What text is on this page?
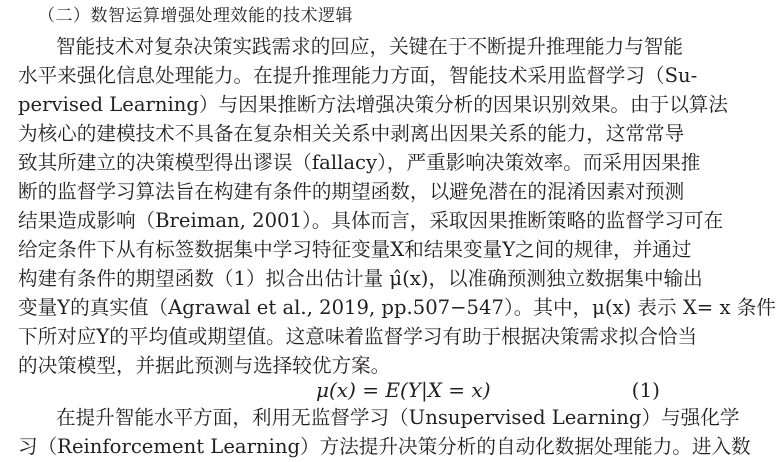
（二）数智运算增强处理效能的技术逻辑
智能技术对复杂决策实践需求的回应，关键在于不断提升推理能力与智能
水平来强化信息处理能力。在提升推理能力方面，智能技术采用监督学习（Su-
pervised Learning）与因果推断方法增强决策分析的因果识别效果。由于以算法
为核心的建模技术不具备在复杂相关关系中剥离出因果关系的能力，这常常导
致其所建立的决策模型得出谬误（fallacy），严重影响决策效率。而采用因果推
断的监督学习算法旨在构建有条件的期望函数，以避免潜在的混淆因素对预测
结果造成影响（Breiman, 2001）。具体而言，采取因果推断策略的监督学习可在
给定条件下从有标签数据集中学习特征变量X和结果变量Y之间的规律，并通过
构建有条件的期望函数（1）拟合出估计量 μ̂(x)，以准确预测独立数据集中输出
变量Y的真实值（Agrawal et al., 2019, pp.507−547）。其中，μ(x) 表示 X= x 条件
下所对应Y的平均值或期望值。这意味着监督学习有助于根据决策需求拟合恰当
的决策模型，并据此预测与选择较优方案。
μ(x) = E(Y|X = x)	(1)
在提升智能水平方面，利用无监督学习（Unsupervised Learning）与强化学
习（Reinforcement Learning）方法提升决策分析的自动化数据处理能力。进入数
